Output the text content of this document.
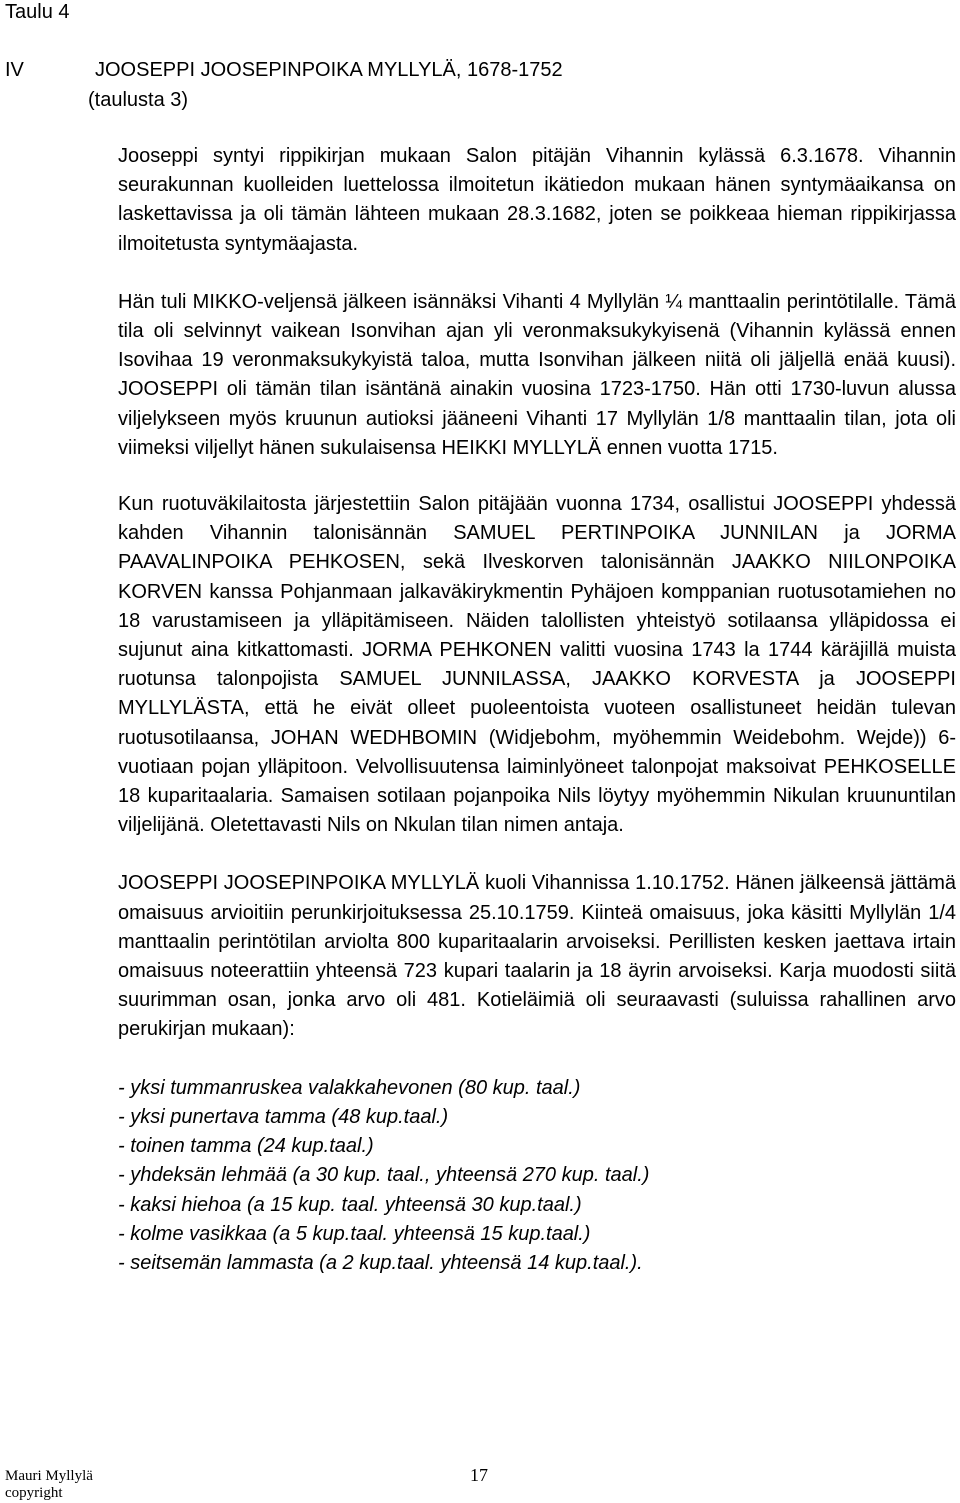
Taulu 4
IV	JOOSEPPI JOOSEPINPOIKA MYLLYLÄ, 1678-1752
(taulusta 3)

Jooseppi syntyi rippikirjan mukaan Salon pitäjän Vihannin kylässä 6.3.1678. Vihannin seurakunnan kuolleiden luettelossa ilmoitetun ikätiedon mukaan hänen syntymäaikansa on laskettavissa ja oli tämän lähteen mukaan 28.3.1682, joten se poikkeaa hieman rippikirjassa ilmoitetusta syntymäajasta.

Hän tuli MIKKO-veljensä jälkeen isännäksi Vihanti 4 Myllylän ¼ manttaalin perintötilalle. Tämä tila oli selvinnyt vaikean Isonvihan ajan yli veronmaksukykyisenä (Vihannin kylässä ennen Isovihaa 19 veronmaksukykyistä taloa, mutta Isonvihan jälkeen niitä oli jäljellä enää kuusi). JOOSEPPI oli tämän tilan isäntänä ainakin vuosina 1723-1750. Hän otti 1730-luvun alussa viljelykseen myös kruunun autioksi jääneeni Vihanti 17 Myllylän 1/8 manttaalin tilan, jota oli viimeksi viljellyt hänen sukulaisensa HEIKKI MYLLYLÄ ennen vuotta 1715.

Kun ruotuväkilaitosta järjestettiin Salon pitäjään vuonna 1734, osallistui JOOSEPPI yhdessä kahden Vihannin talonisännän SAMUEL PERTINPOIKA JUNNILAN ja JORMA PAAVALINPOIKA PEHKOSEN, sekä Ilveskorven talonisännän JAAKKO NIILONPOIKA KORVEN kanssa Pohjanmaan jalkaväkirykmentin Pyhäjoen komppanian ruotusotamiehen no 18 varustamiseen ja ylläpitämiseen. Näiden talollisten yhteistyö sotilaansa ylläpidossa ei sujunut aina kitkattomasti. JORMA PEHKONEN valitti vuosina 1743 la 1744 käräjillä muista ruotunsa talonpojista SAMUEL JUNNILASSA, JAAKKO KORVESTA ja JOOSEPPI MYLLYLÄSTA, että he eivät olleet puoleentoista vuoteen osallistuneet heidän tulevan ruotusotilaansa, JOHAN WEDHBOMIN (Widjebohm, myöhemmin Weidebohm. Wejde)) 6-vuotiaan pojan ylläpitoon. Velvollisuutensa laiminlyöneet talonpojat maksoivat PEHKOSELLE 18 kuparitaalaria. Samaisen sotilaan pojanpoika Nils löytyy myöhemmin Nikulan kruununtilan viljelijänä. Oletettavasti Nils on Nkulan tilan nimen antaja.

JOOSEPPI JOOSEPINPOIKA MYLLYLÄ kuoli Vihannissa 1.10.1752. Hänen jälkeensä jättämä omaisuus arvioitiin perunkirjoituksessa 25.10.1759. Kiinteä omaisuus, joka käsitti Myllylän 1/4 manttaalin perintötilan arviolta 800 kuparitaalarin arvoiseksi. Perillisten kesken jaettava irtain omaisuus noteerattiin yhteensä 723 kupari taalarin ja 18 äyrin arvoiseksi. Karja muodosti siitä suurimman osan, jonka arvo oli 481. Kotieläimiä oli seuraavasti (suluissa rahallinen arvo perukirjan mukaan):

- yksi tummanruskea valakkahevonen (80 kup. taal.)
- yksi punertava tamma (48 kup.taal.)
- toinen tamma (24 kup.taal.)
- yhdeksän lehmää (a 30 kup. taal., yhteensä 270 kup. taal.)
- kaksi hiehoa (a 15 kup. taal. yhteensä 30 kup.taal.)
- kolme vasikkaa (a 5 kup.taal. yhteensä 15 kup.taal.)
- seitsemän lammasta (a 2 kup.taal. yhteensä 14 kup.taal.).
Mauri Myllylä
copyright
17
